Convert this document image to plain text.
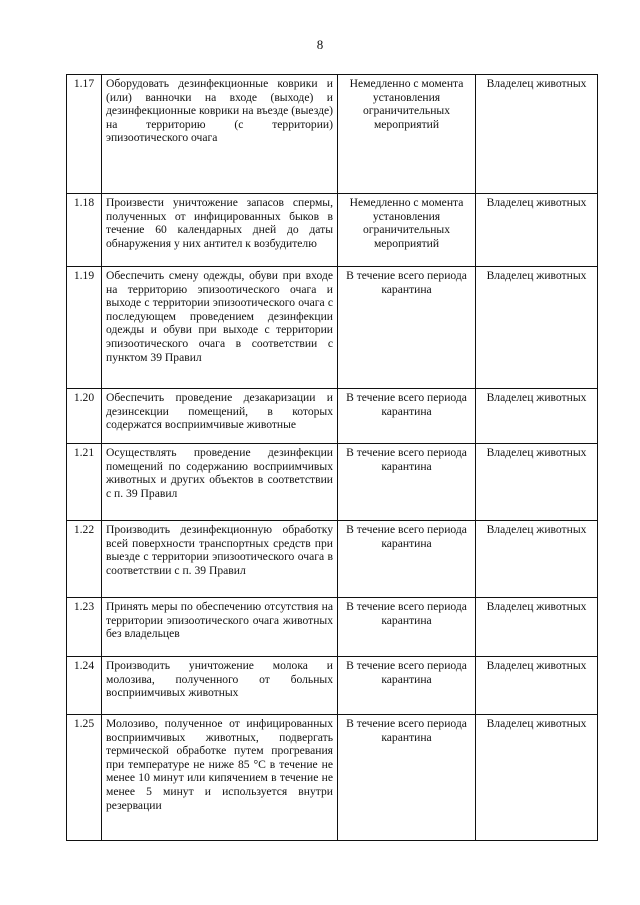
8
1.17	Оборудовать дезинфекционные коврики и (или) ванночки на входе (выходе) и дезинфекционные коврики на въезде (выезде) на территорию (с территории) эпизоотического очага	Немедленно с момента установления ограничительных мероприятий	Владелец животных
1.18	Произвести уничтожение запасов спермы, полученных от инфицированных быков в течение 60 календарных дней до даты обнаружения у них антител к возбудителю	Немедленно с момента установления ограничительных мероприятий	Владелец животных
1.19	Обеспечить смену одежды, обуви при входе на территорию эпизоотического очага и выходе с территории эпизоотического очага с последующем проведением дезинфекции одежды и обуви при выходе с территории эпизоотического очага в соответствии с пунктом 39 Правил	В течение всего периода карантина	Владелец животных
1.20	Обеспечить проведение дезакаризации и дезинсекции помещений, в которых содержатся восприимчивые животные	В течение всего периода карантина	Владелец животных
1.21	Осуществлять проведение дезинфекции помещений по содержанию восприимчивых животных и других объектов в соответствии с п. 39 Правил	В течение всего периода карантина	Владелец животных
1.22	Производить дезинфекционную обработку всей поверхности транспортных средств при выезде с территории эпизоотического очага в соответствии с п. 39 Правил	В течение всего периода карантина	Владелец животных
1.23	Принять меры по обеспечению отсутствия на территории эпизоотического очага животных без владельцев	В течение всего периода карантина	Владелец животных
1.24	Производить уничтожение молока и молозива, полученного от больных восприимчивых животных	В течение всего периода карантина	Владелец животных
1.25	Молозиво, полученное от инфицированных восприимчивых животных, подвергать термической обработке путем прогревания при температуре не ниже 85 °С в течение не менее 10 минут или кипячением в течение не менее 5 минут и используется внутри резервации	В течение всего периода карантина	Владелец животных
